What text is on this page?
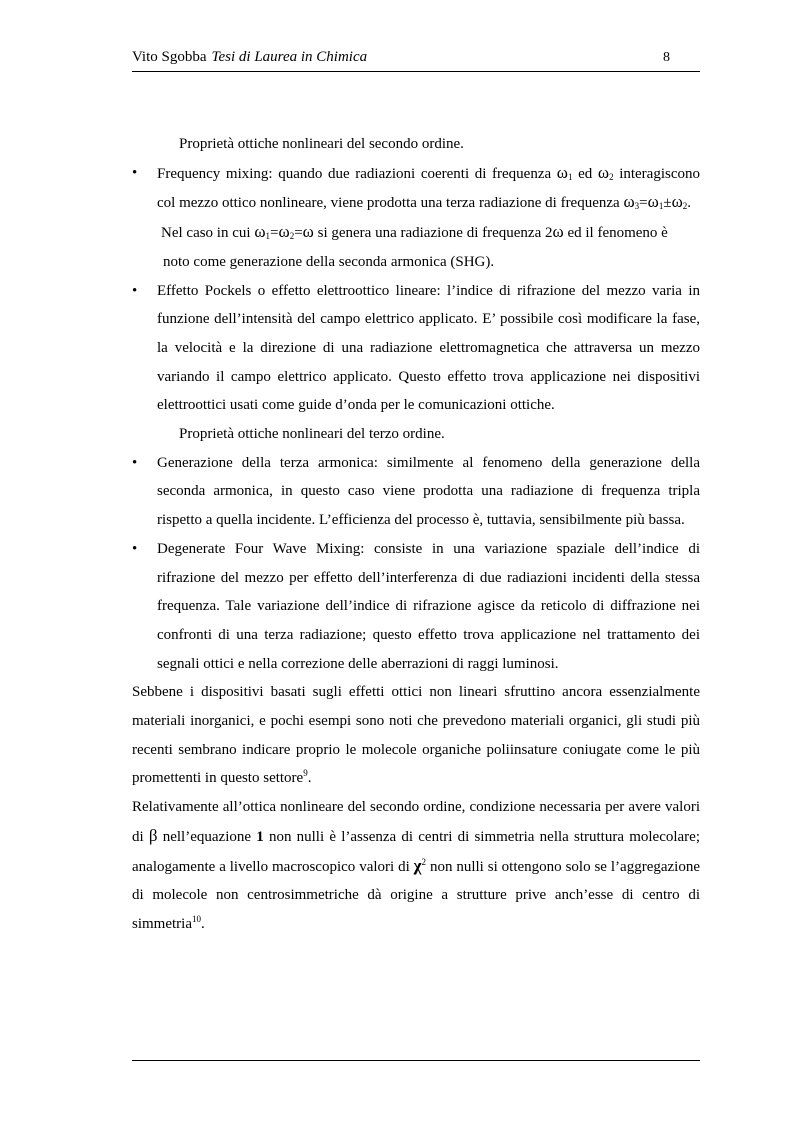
Vito Sgobba Tesi di Laurea in Chimica	8

Proprietà ottiche nonlineari del secondo ordine.

• Frequency mixing: quando due radiazioni coerenti di frequenza $\omega_1$ ed $\omega_2$ interagiscono col mezzo ottico nonlineare, viene prodotta una terza radiazione di frequenza $\omega_3=\omega_1\pm\omega_2$.

Nel caso in cui $\omega_1=\omega_2=\omega$ si genera una radiazione di frequenza 2ω ed il fenomeno è

noto come generazione della seconda armonica (SHG).

• Effetto Pockels o effetto elettroottico lineare: l’indice di rifrazione del mezzo varia in funzione dell’intensità del campo elettrico applicato. E’ possibile così modificare la fase, la velocità e la direzione di una radiazione elettromagnetica che attraversa un mezzo variando il campo elettrico applicato. Questo effetto trova applicazione nei dispositivi elettroottici usati come guide d’onda per le comunicazioni ottiche.

Proprietà ottiche nonlineari del terzo ordine.

• Generazione della terza armonica: similmente al fenomeno della generazione della seconda armonica, in questo caso viene prodotta una radiazione di frequenza tripla rispetto a quella incidente. L’efficienza del processo è, tuttavia, sensibilmente più bassa.
• Degenerate Four Wave Mixing: consiste in una variazione spaziale dell’indice di rifrazione del mezzo per effetto dell’interferenza di due radiazioni incidenti della stessa frequenza. Tale variazione dell’indice di rifrazione agisce da reticolo di diffrazione nei confronti di una terza radiazione; questo effetto trova applicazione nel trattamento dei segnali ottici e nella correzione delle aberrazioni di raggi luminosi.

Sebbene i dispositivi basati sugli effetti ottici non lineari sfruttino ancora essenzialmente materiali inorganici, e pochi esempi sono noti che prevedono materiali organici, gli studi più recenti sembrano indicare proprio le molecole organiche poliinsature coniugate come le più promettenti in questo settore$^9$.

Relativamente all’ottica nonlineare del secondo ordine, condizione necessaria per avere valori di β nell’equazione 1 non nulli è l’assenza di centri di simmetria nella struttura molecolare; analogamente a livello macroscopico valori di $\chi^2$ non nulli si ottengono solo se l’aggregazione di molecole non centrosimmetriche dà origine a strutture prive anch’esse di centro di simmetria$^{10}$.
